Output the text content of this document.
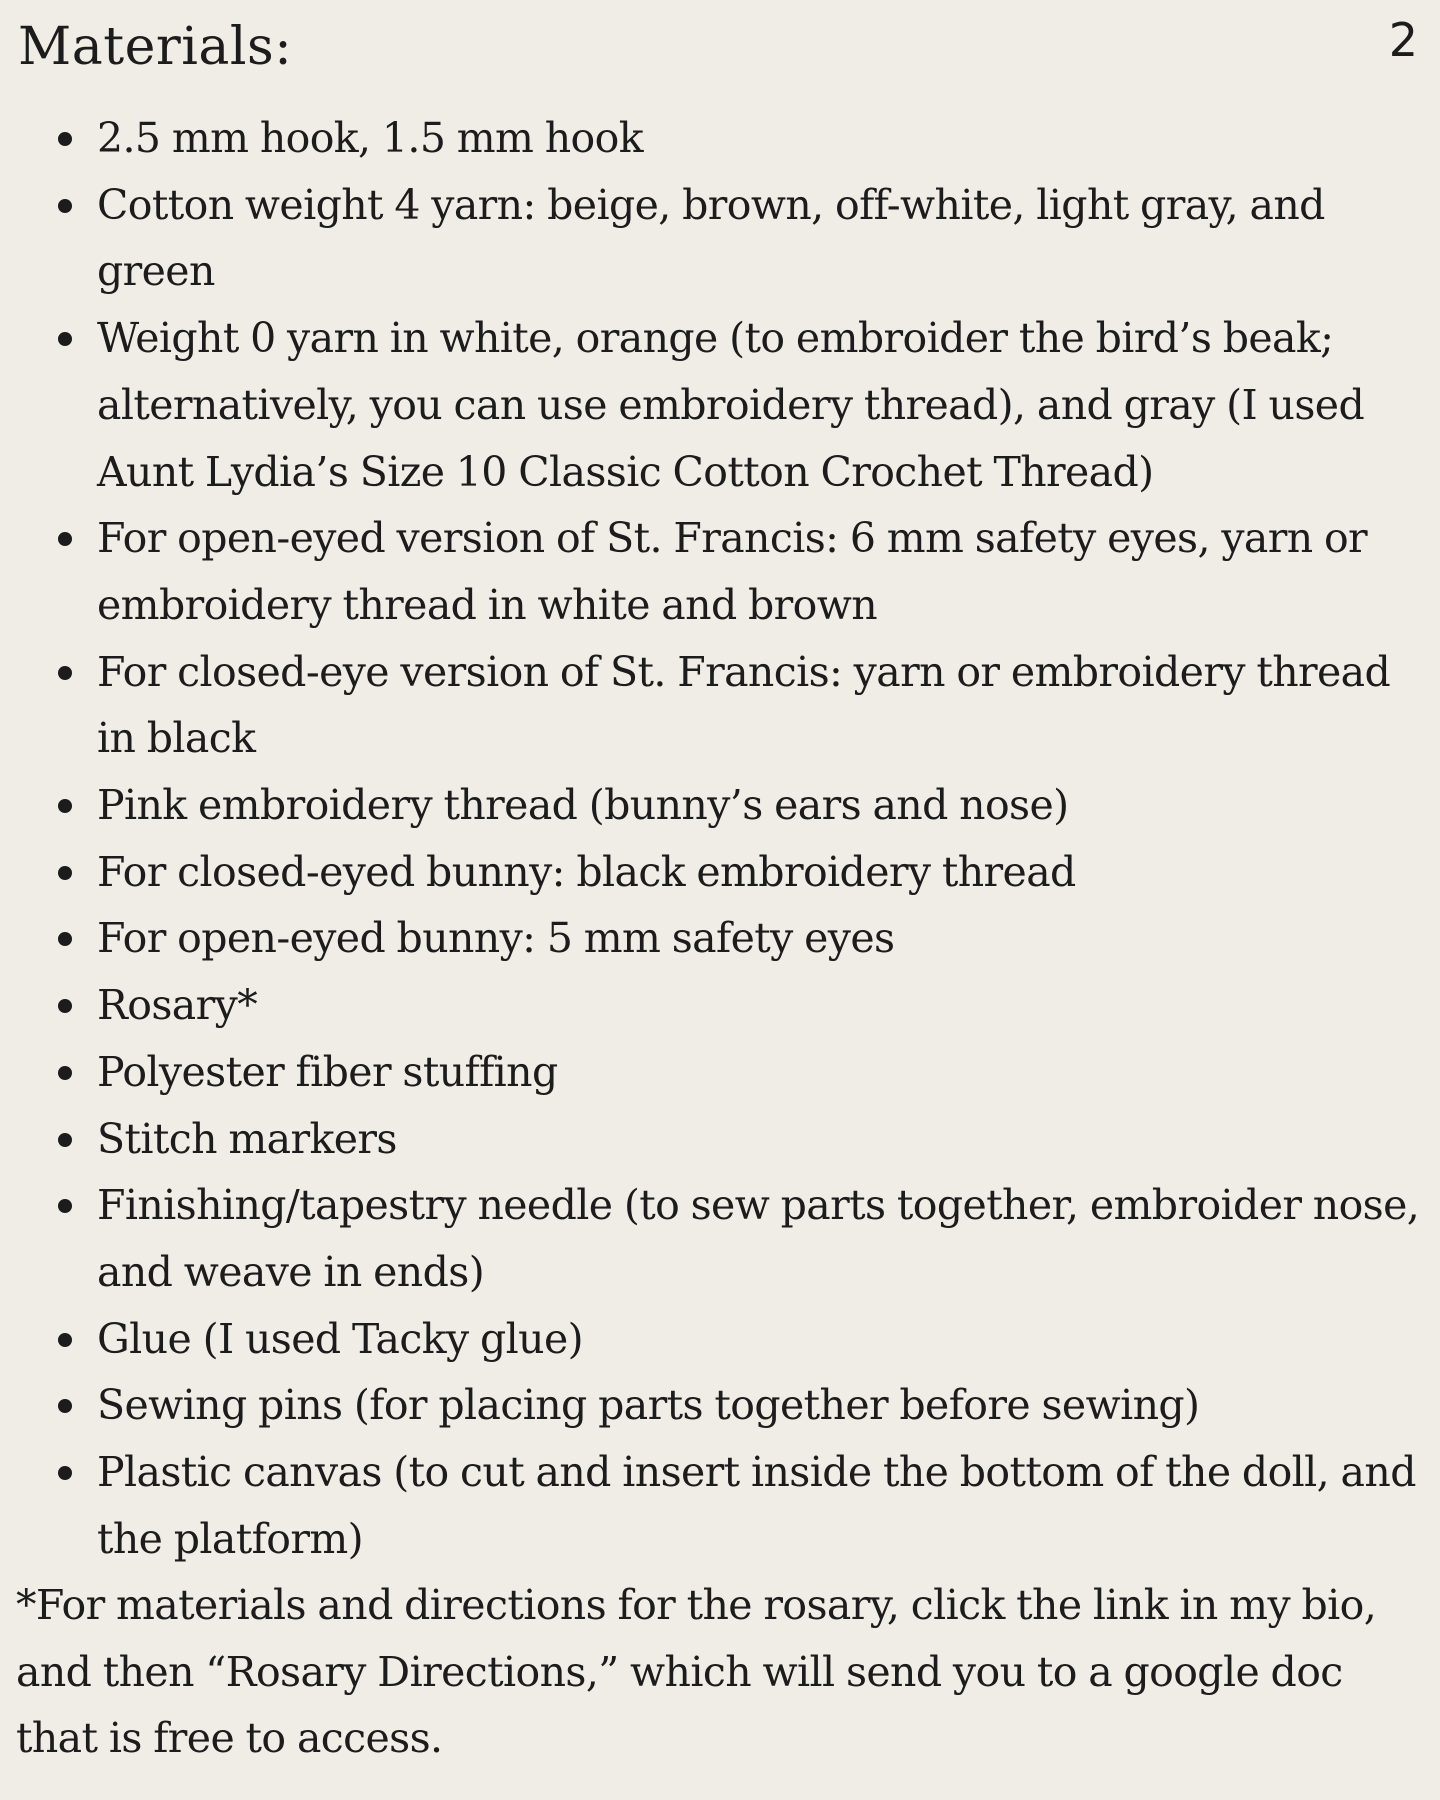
Materials:	2
2.5 mm hook, 1.5 mm hook
Cotton weight 4 yarn: beige, brown, off-white, light gray, and green
Weight 0 yarn in white, orange (to embroider the bird’s beak; alternatively, you can use embroidery thread), and gray (I used Aunt Lydia’s Size 10 Classic Cotton Crochet Thread)
For open-eyed version of St. Francis: 6 mm safety eyes, yarn or embroidery thread in white and brown
For closed-eye version of St. Francis: yarn or embroidery thread in black
Pink embroidery thread (bunny’s ears and nose)
For closed-eyed bunny: black embroidery thread
For open-eyed bunny: 5 mm safety eyes
Rosary*
Polyester fiber stuffing
Stitch markers
Finishing/tapestry needle (to sew parts together, embroider nose, and weave in ends)
Glue (I used Tacky glue)
Sewing pins (for placing parts together before sewing)
Plastic canvas (to cut and insert inside the bottom of the doll, and the platform)

*For materials and directions for the rosary, click the link in my bio, and then “Rosary Directions,” which will send you to a google doc that is free to access.
